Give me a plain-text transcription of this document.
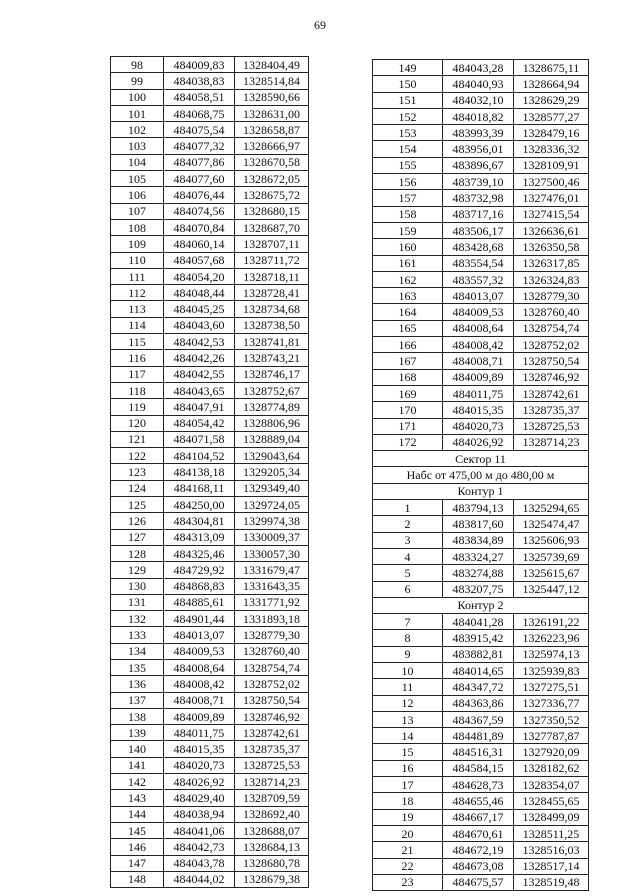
69
98	484009,83	1328404,49
99	484038,83	1328514,84
100	484058,51	1328590,66
101	484068,75	1328631,00
102	484075,54	1328658,87
103	484077,32	1328666,97
104	484077,86	1328670,58
105	484077,60	1328672,05
106	484076,44	1328675,72
107	484074,56	1328680,15
108	484070,84	1328687,70
109	484060,14	1328707,11
110	484057,68	1328711,72
111	484054,20	1328718,11
112	484048,44	1328728,41
113	484045,25	1328734,68
114	484043,60	1328738,50
115	484042,53	1328741,81
116	484042,26	1328743,21
117	484042,55	1328746,17
118	484043,65	1328752,67
119	484047,91	1328774,89
120	484054,42	1328806,96
121	484071,58	1328889,04
122	484104,52	1329043,64
123	484138,18	1329205,34
124	484168,11	1329349,40
125	484250,00	1329724,05
126	484304,81	1329974,38
127	484313,09	1330009,37
128	484325,46	1330057,30
129	484729,92	1331679,47
130	484868,83	1331643,35
131	484885,61	1331771,92
132	484901,44	1331893,18
133	484013,07	1328779,30
134	484009,53	1328760,40
135	484008,64	1328754,74
136	484008,42	1328752,02
137	484008,71	1328750,54
138	484009,89	1328746,92
139	484011,75	1328742,61
140	484015,35	1328735,37
141	484020,73	1328725,53
142	484026,92	1328714,23
143	484029,40	1328709,59
144	484038,94	1328692,40
145	484041,06	1328688,07
146	484042,73	1328684,13
147	484043,78	1328680,78
148	484044,02	1328679,38
149	484043,28	1328675,11
150	484040,93	1328664,94
151	484032,10	1328629,29
152	484018,82	1328577,27
153	483993,39	1328479,16
154	483956,01	1328336,32
155	483896,67	1328109,91
156	483739,10	1327500,46
157	483732,98	1327476,01
158	483717,16	1327415,54
159	483506,17	1326636,61
160	483428,68	1326350,58
161	483554,54	1326317,85
162	483557,32	1326324,83
163	484013,07	1328779,30
164	484009,53	1328760,40
165	484008,64	1328754,74
166	484008,42	1328752,02
167	484008,71	1328750,54
168	484009,89	1328746,92
169	484011,75	1328742,61
170	484015,35	1328735,37
171	484020,73	1328725,53
172	484026,92	1328714,23
Сектор 11		
Набс от 475,00 м до 480,00 м		
Контур 1		
1	483794,13	1325294,65
2	483817,60	1325474,47
3	483834,89	1325606,93
4	483324,27	1325739,69
5	483274,88	1325615,67
6	483207,75	1325447,12
Контур 2		
7	484041,28	1326191,22
8	483915,42	1326223,96
9	483882,81	1325974,13
10	484014,65	1325939,83
11	484347,72	1327275,51
12	484363,86	1327336,77
13	484367,59	1327350,52
14	484481,89	1327787,87
15	484516,31	1327920,09
16	484584,15	1328182,62
17	484628,73	1328354,07
18	484655,46	1328455,65
19	484667,17	1328499,09
20	484670,61	1328511,25
21	484672,19	1328516,03
22	484673,08	1328517,14
23	484675,57	1328519,48
